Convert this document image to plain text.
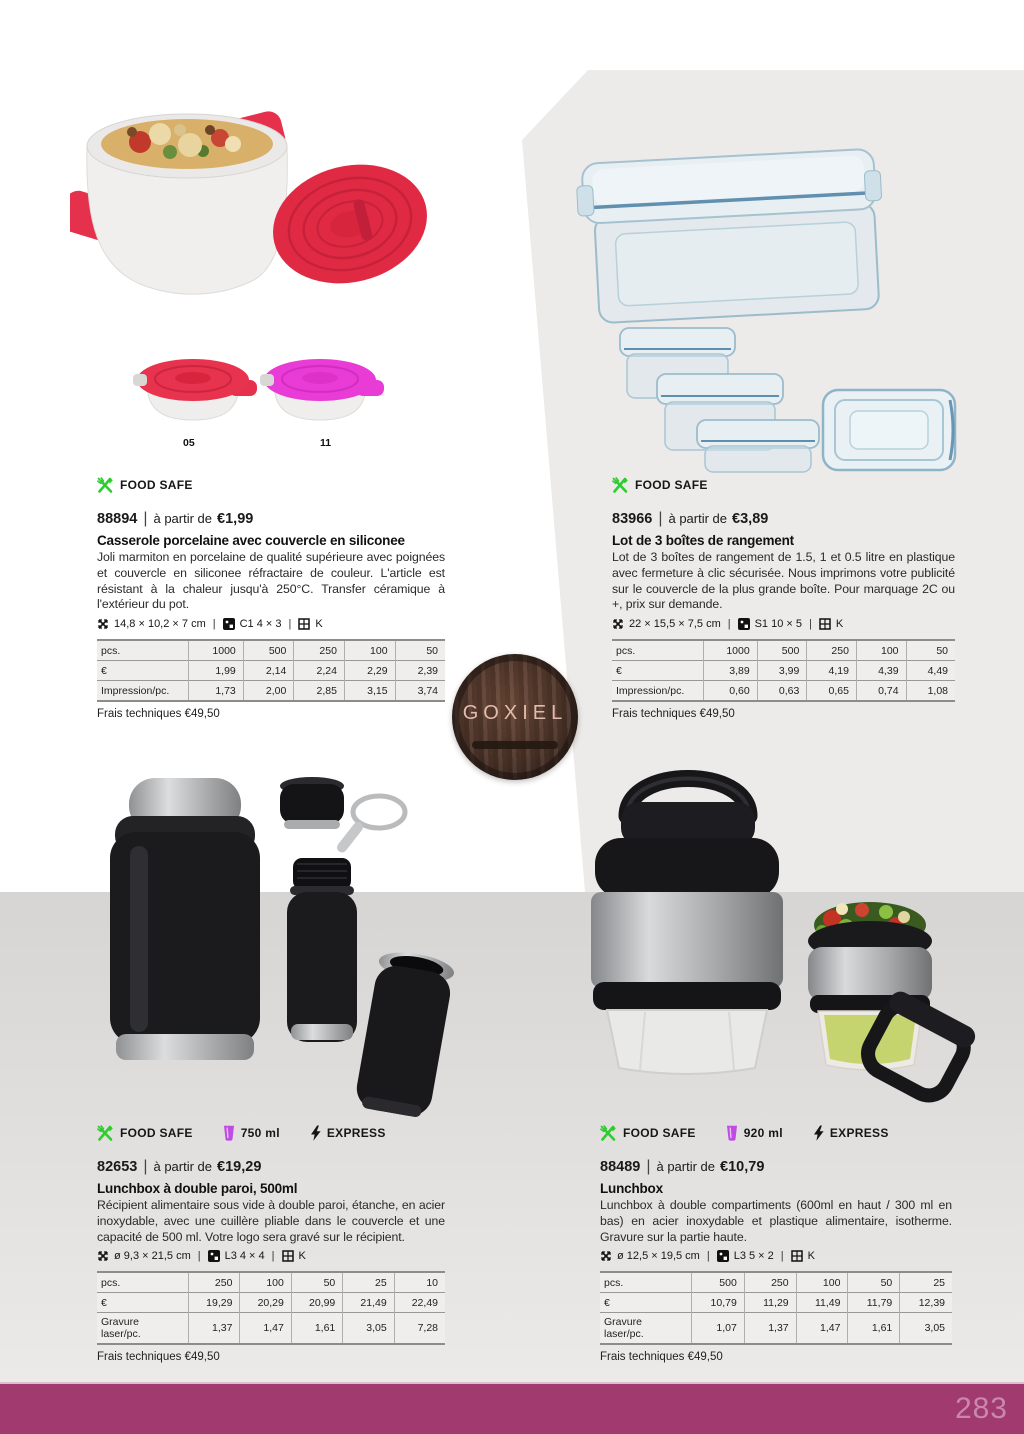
05	11
GOXIEL
FOOD SAFE
88894 | à partir de €1,99
Casserole porcelaine avec couvercle en siliconee

Joli marmiton en porcelaine de qualité supérieure avec poignées et couvercle en siliconee réfractaire de couleur. L'article est résistant à la chaleur jusqu'à 250°C. Transfer céramique à l'extérieur du pot.

14,8 × 10,2 × 7 cm | C1 4 × 3 | K
pcs.	1000	500	250	100	50
€	1,99	2,14	2,24	2,29	2,39
Impression/pc.	1,73	2,00	2,85	3,15	3,74
Frais techniques €49,50
FOOD SAFE
83966 | à partir de €3,89
Lot de 3 boîtes de rangement

Lot de 3 boîtes de rangement de 1.5, 1 et 0.5 litre en plastique avec fermeture à clic sécurisée. Nous imprimons votre publicité sur le couvercle de la plus grande boîte. Pour marquage 2C ou +, prix sur demande.

22 × 15,5 × 7,5 cm | S1 10 × 5 | K
pcs.	1000	500	250	100	50
€	3,89	3,99	4,19	4,39	4,49
Impression/pc.	0,60	0,63	0,65	0,74	1,08
Frais techniques €49,50
FOOD SAFE	750 ml	EXPRESS
82653 | à partir de €19,29
Lunchbox à double paroi, 500ml

Récipient alimentaire sous vide à double paroi, étanche, en acier inoxydable, avec une cuillère pliable dans le couvercle et une capacité de 500 ml. Votre logo sera gravé sur le récipient.

ø 9,3 × 21,5 cm | L3 4 × 4 | K
pcs.	250	100	50	25	10
€	19,29	20,29	20,99	21,49	22,49
Gravure laser/pc.	1,37	1,47	1,61	3,05	7,28
Frais techniques €49,50
FOOD SAFE	920 ml	EXPRESS
88489 | à partir de €10,79
Lunchbox

Lunchbox à double compartiments (600ml en haut / 300 ml en bas) en acier inoxydable et plastique alimentaire, isotherme. Gravure sur la partie haute.

ø 12,5 × 19,5 cm | L3 5 × 2 | K
pcs.	500	250	100	50	25
€	10,79	11,29	11,49	11,79	12,39
Gravure laser/pc.	1,07	1,37	1,47	1,61	3,05
Frais techniques €49,50
283
